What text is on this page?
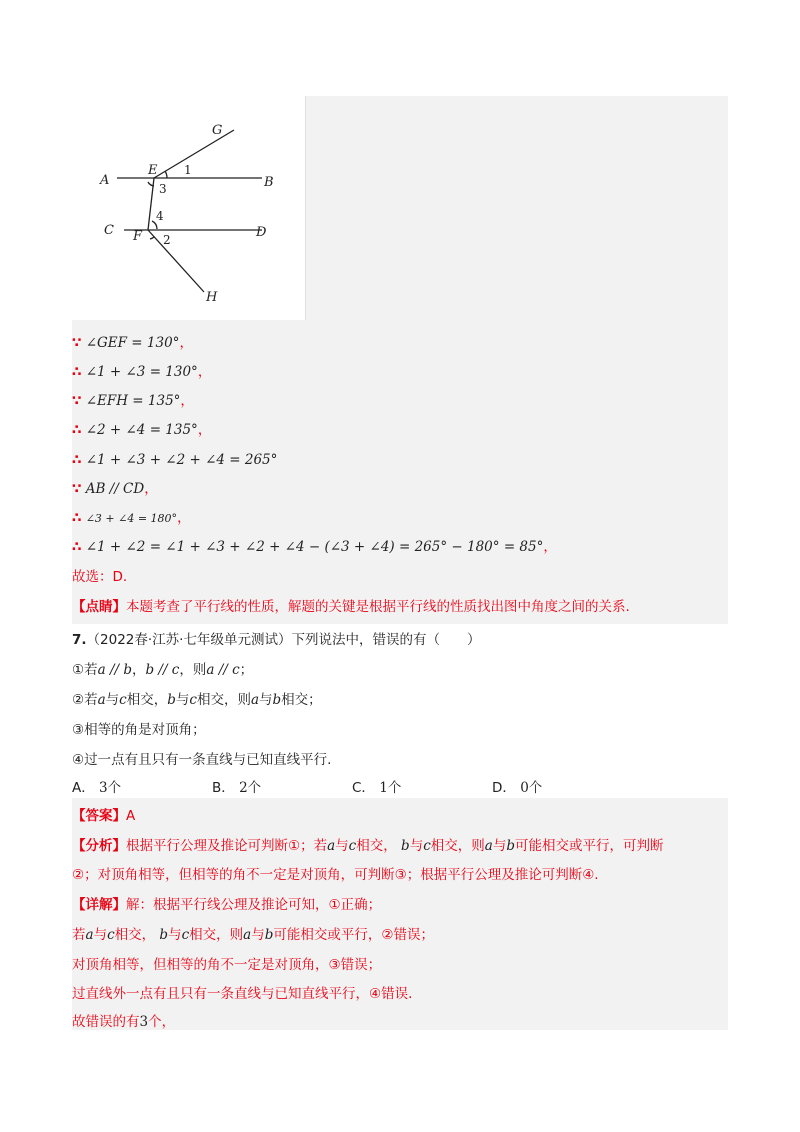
G
A
E
B
C F	D
H
1
3
4
2
∵ ∠GEF = 130°，
∴ ∠1 + ∠3 = 130°，
∵ ∠EFH = 135°，
∴ ∠2 + ∠4 = 135°，
∴ ∠1 + ∠3 + ∠2 + ∠4 = 265°
∵ AB // CD，
∴ ∠3 + ∠4 = 180°，
∴ ∠1 + ∠2 = ∠1 + ∠3 + ∠2 + ∠4 − (∠3 + ∠4) = 265° − 180° = 85°，
故选：D.
【点睛】本题考查了平行线的性质，解题的关键是根据平行线的性质找出图中角度之间的关系.
7.（2022春·江苏·七年级单元测试）下列说法中，错误的有（　　）
①若a // b，b // c，则a // c；
②若a与c相交，b与c相交，则a与b相交；
③相等的角是对顶角；
④过一点有且只有一条直线与已知直线平行.
A． 3个	B． 2个	C． 1个	D． 0个
【答案】A
【分析】根据平行公理及推论可判断①；若a与c相交， b与c相交，则a与b可能相交或平行，可判断
②；对顶角相等，但相等的角不一定是对顶角，可判断③；根据平行公理及推论可判断④.
【详解】解：根据平行线公理及推论可知，①正确；
若a与c相交， b与c相交，则a与b可能相交或平行，②错误；
对顶角相等，但相等的角不一定是对顶角，③错误；
过直线外一点有且只有一条直线与已知直线平行，④错误.
故错误的有3个，
